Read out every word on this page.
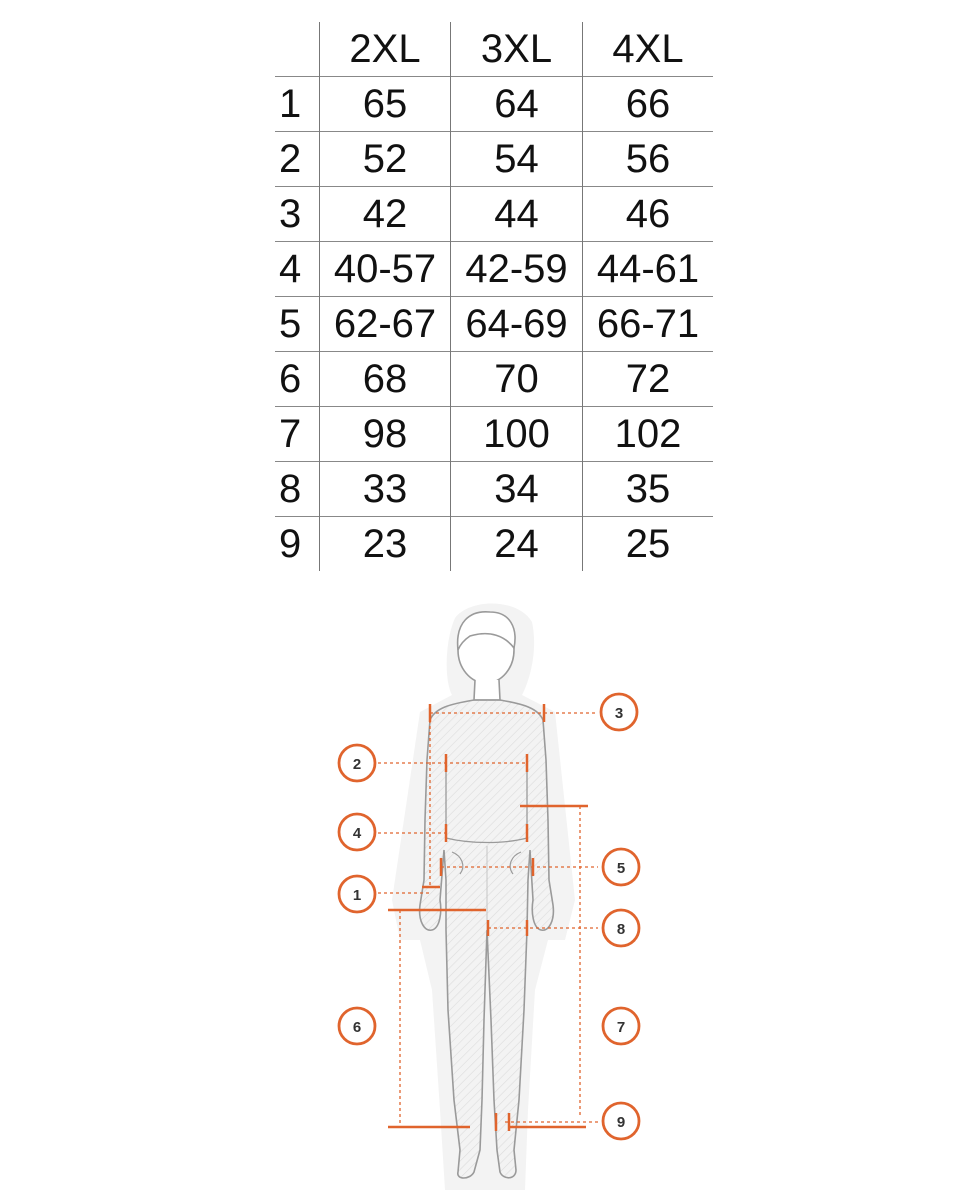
	2XL	3XL	4XL
1	65	64	66
2	52	54	56
3	42	44	46
4	40-57	42-59	44-61
5	62-67	64-69	66-71
6	68	70	72
7	98	100	102
8	33	34	35
9	23	24	25
3
2
4
5
1
8
6	7
9
